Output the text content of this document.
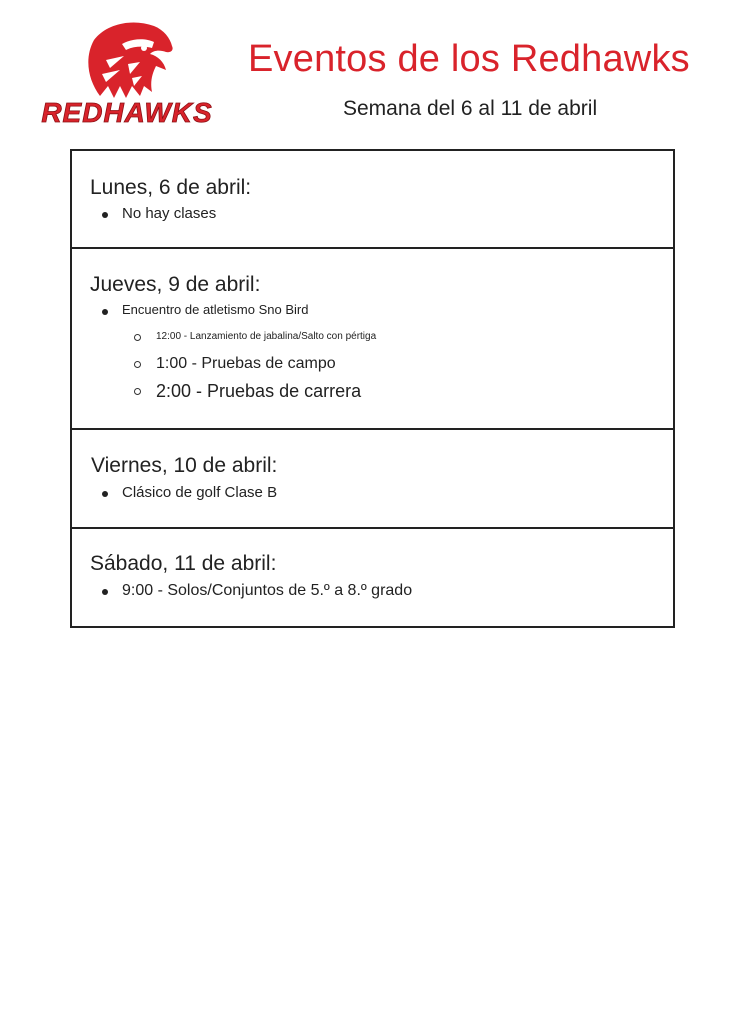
REDHAWKS
Eventos de los Redhawks
Semana del 6 al 11 de abril
Lunes, 6 de abril:
No hay clases
Jueves, 9 de abril:
Encuentro de atletismo Sno Bird
12:00 - Lanzamiento de jabalina/Salto con pértiga
1:00 - Pruebas de campo
2:00 - Pruebas de carrera
Viernes, 10 de abril:
Clásico de golf Clase B
Sábado, 11 de abril:
9:00 - Solos/Conjuntos de 5.º a 8.º grado
